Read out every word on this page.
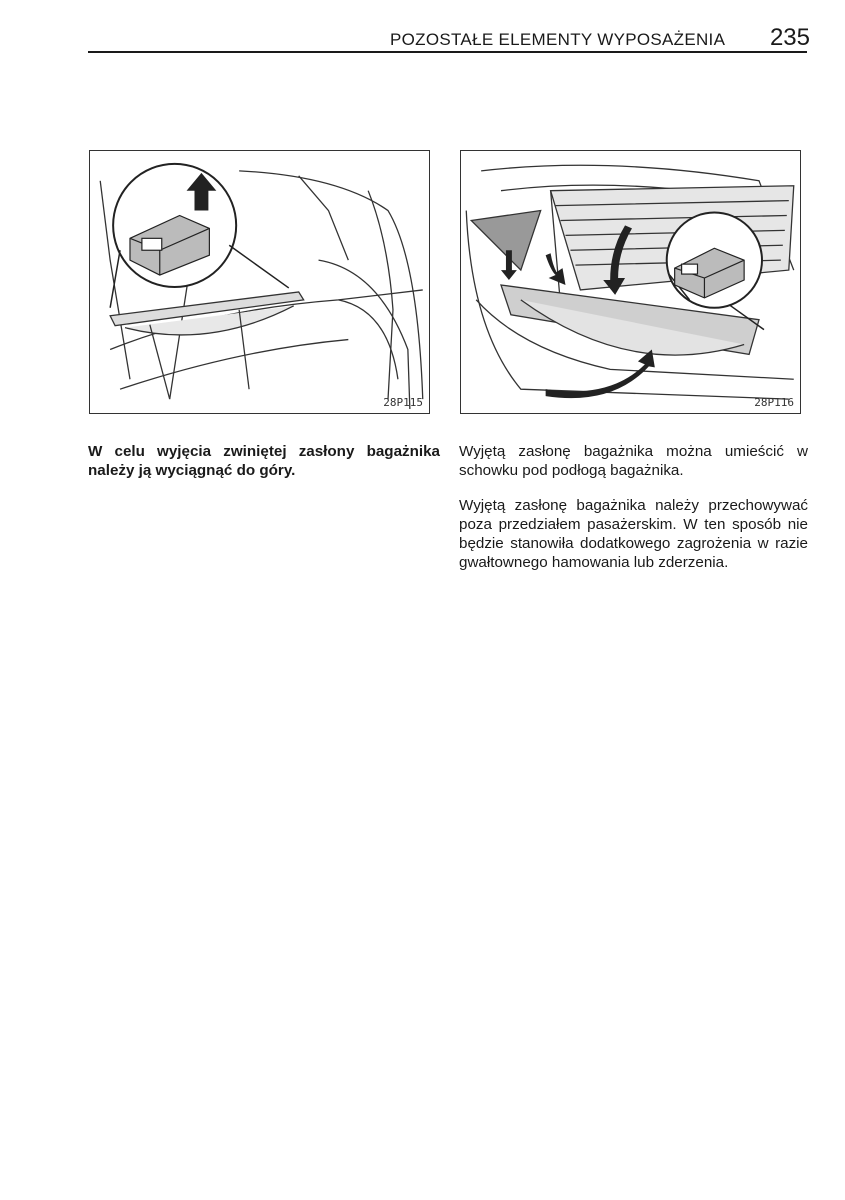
POZOSTAŁE ELEMENTY WYPOSAŻENIA	235
28P115	28P116
W celu wyjęcia zwiniętej zasłony bagażnika należy ją wyciągnąć do góry.

Wyjętą zasłonę bagażnika można umieścić w schowku pod podłogą bagażnika.

Wyjętą zasłonę bagażnika należy przechowywać poza przedziałem pasażerskim. W ten sposób nie będzie stanowiła dodatkowego zagrożenia w razie gwałtownego hamowania lub zderzenia.
